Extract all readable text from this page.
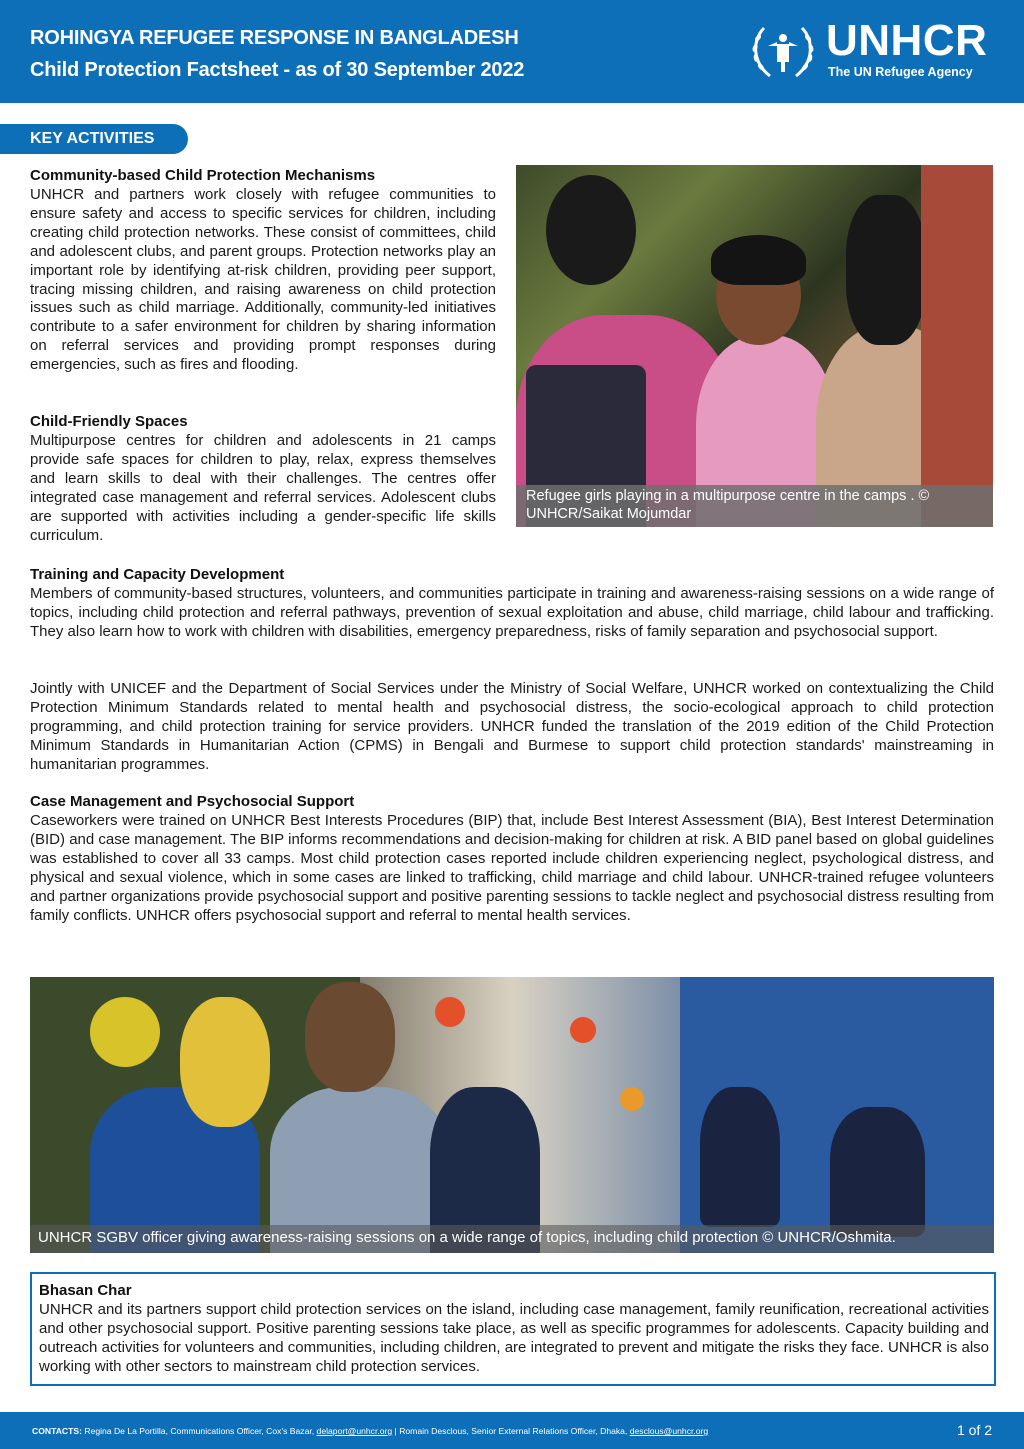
ROHINGYA REFUGEE RESPONSE IN BANGLADESH
Child Protection Factsheet - as of 30 September 2022
UNHCR
The UN Refugee Agency
KEY ACTIVITIES
Community-based Child Protection Mechanisms
UNHCR and partners work closely with refugee communities to ensure safety and access to specific services for children, including creating child protection networks. These consist of committees, child and adolescent clubs, and parent groups. Protection networks play an important role by identifying at-risk children, providing peer support, tracing missing children, and raising awareness on child protection issues such as child marriage. Additionally, community-led initiatives contribute to a safer environment for children by sharing information on referral services and providing prompt responses during emergencies, such as fires and flooding.
Child-Friendly Spaces
Multipurpose centres for children and adolescents in 21 camps provide safe spaces for children to play, relax, express themselves and learn skills to deal with their challenges. The centres offer integrated case management and referral services. Adolescent clubs are supported with activities including a gender-specific life skills curriculum.
Refugee girls playing in a multipurpose centre in the camps . © UNHCR/Saikat Mojumdar
Training and Capacity Development
Members of community-based structures, volunteers, and communities participate in training and awareness-raising sessions on a wide range of topics, including child protection and referral pathways, prevention of sexual exploitation and abuse, child marriage, child labour and trafficking. They also learn how to work with children with disabilities, emergency preparedness, risks of family separation and psychosocial support.
Jointly with UNICEF and the Department of Social Services under the Ministry of Social Welfare, UNHCR worked on contextualizing the Child Protection Minimum Standards related to mental health and psychosocial distress, the socio-ecological approach to child protection programming, and child protection training for service providers. UNHCR funded the translation of the 2019 edition of the Child Protection Minimum Standards in Humanitarian Action (CPMS) in Bengali and Burmese to support child protection standards' mainstreaming in humanitarian programmes.
Case Management and Psychosocial Support
Caseworkers were trained on UNHCR Best Interests Procedures (BIP) that, include Best Interest Assessment (BIA), Best Interest Determination (BID) and case management. The BIP informs recommendations and decision-making for children at risk. A BID panel based on global guidelines was established to cover all 33 camps. Most child protection cases reported include children experiencing neglect, psychological distress, and physical and sexual violence, which in some cases are linked to trafficking, child marriage and child labour. UNHCR-trained refugee volunteers and partner organizations provide psychosocial support and positive parenting sessions to tackle neglect and psychosocial distress resulting from family conflicts. UNHCR offers psychosocial support and referral to mental health services.
UNHCR SGBV officer giving awareness-raising sessions on a wide range of topics, including child protection © UNHCR/Oshmita.
Bhasan Char
UNHCR and its partners support child protection services on the island, including case management, family reunification, recreational activities and other psychosocial support. Positive parenting sessions take place, as well as specific programmes for adolescents. Capacity building and outreach activities for volunteers and communities, including children, are integrated to prevent and mitigate the risks they face. UNHCR is also working with other sectors to mainstream child protection services.
CONTACTS: Regina De La Portilla, Communications Officer, Cox's Bazar, delaport@unhcr.org | Romain Desclous, Senior External Relations Officer, Dhaka, desclous@unhcr.org	1 of 2
